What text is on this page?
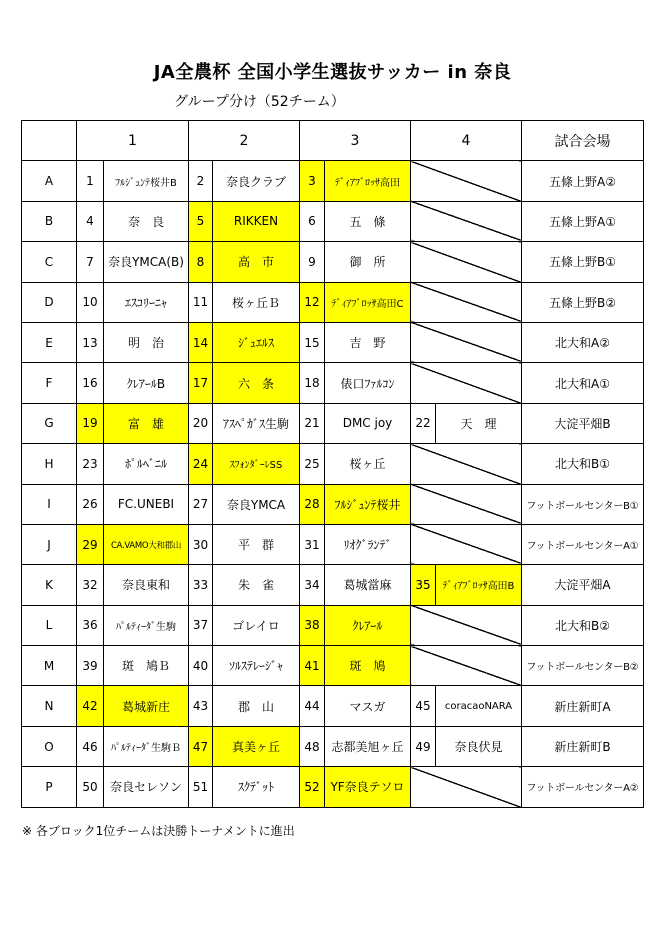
JA全農杯 全国小学生選抜サッカー in 奈良
グループ分け（52チーム）
	1		2		3		4		試合会場
A	1	ﾌﾙｼﾞｭﾝﾃ桜井B	2	奈良クラブ	3	ﾃﾞｨｱﾌﾞﾛｯｻ高田			五條上野A②
B	4	奈　良	5	RIKKEN	6	五　條			五條上野A①
C	7	奈良YMCA(B)	8	高　市	9	御　所			五條上野B①
D	10	ｴｽｺﾘｰﾆｬ	11	桜ヶ丘Ｂ	12	ﾃﾞｨｱﾌﾞﾛｯｻ高田C			五條上野B②
E	13	明　治	14	ｼﾞｭｴﾙｽ	15	吉　野			北大和A②
F	16	ｸﾚｱｰﾙB	17	六　条	18	俵口ﾌｧﾙｺﾝ			北大和A①
G	19	富　雄	20	ｱｽﾍﾟｶﾞｽ生駒	21	DMC joy	22	天　理	大淀平畑B
H	23	ﾎﾟﾙﾍﾞﾆﾙ	24	ｽﾌｫﾝﾀﾞｰﾚSS	25	桜ヶ丘			北大和B①
I	26	FC.UNEBI	27	奈良YMCA	28	ﾌﾙｼﾞｭﾝﾃ桜井			フットボールセンターB①
J	29	CA.VAMO大和郡山	30	平　群	31	ﾘｵｸﾞﾗﾝﾃﾞ			フットボールセンターA①
K	32	奈良東和	33	朱　雀	34	葛城當麻	35	ﾃﾞｨｱﾌﾞﾛｯｻ高田B	大淀平畑A
L	36	ﾊﾟﾙﾃｨｰﾀﾞ生駒	37	ゴレイロ	38	ｸﾚｱｰﾙ			北大和B②
M	39	斑　鳩Ｂ	40	ｿﾙｽﾃﾚｰｼﾞｬ	41	斑　鳩			フットボールセンターB②
N	42	葛城新庄	43	郡　山	44	マスガ	45	coracaoNARA	新庄新町A
O	46	ﾊﾟﾙﾃｨｰﾀﾞ生駒Ｂ	47	真美ヶ丘	48	志都美旭ヶ丘	49	奈良伏見	新庄新町B
P	50	奈良セレソン	51	ｽｸﾃﾞｯﾄ	52	YF奈良テソロ			フットボールセンターA②
※ 各ブロック1位チームは決勝トーナメントに進出
